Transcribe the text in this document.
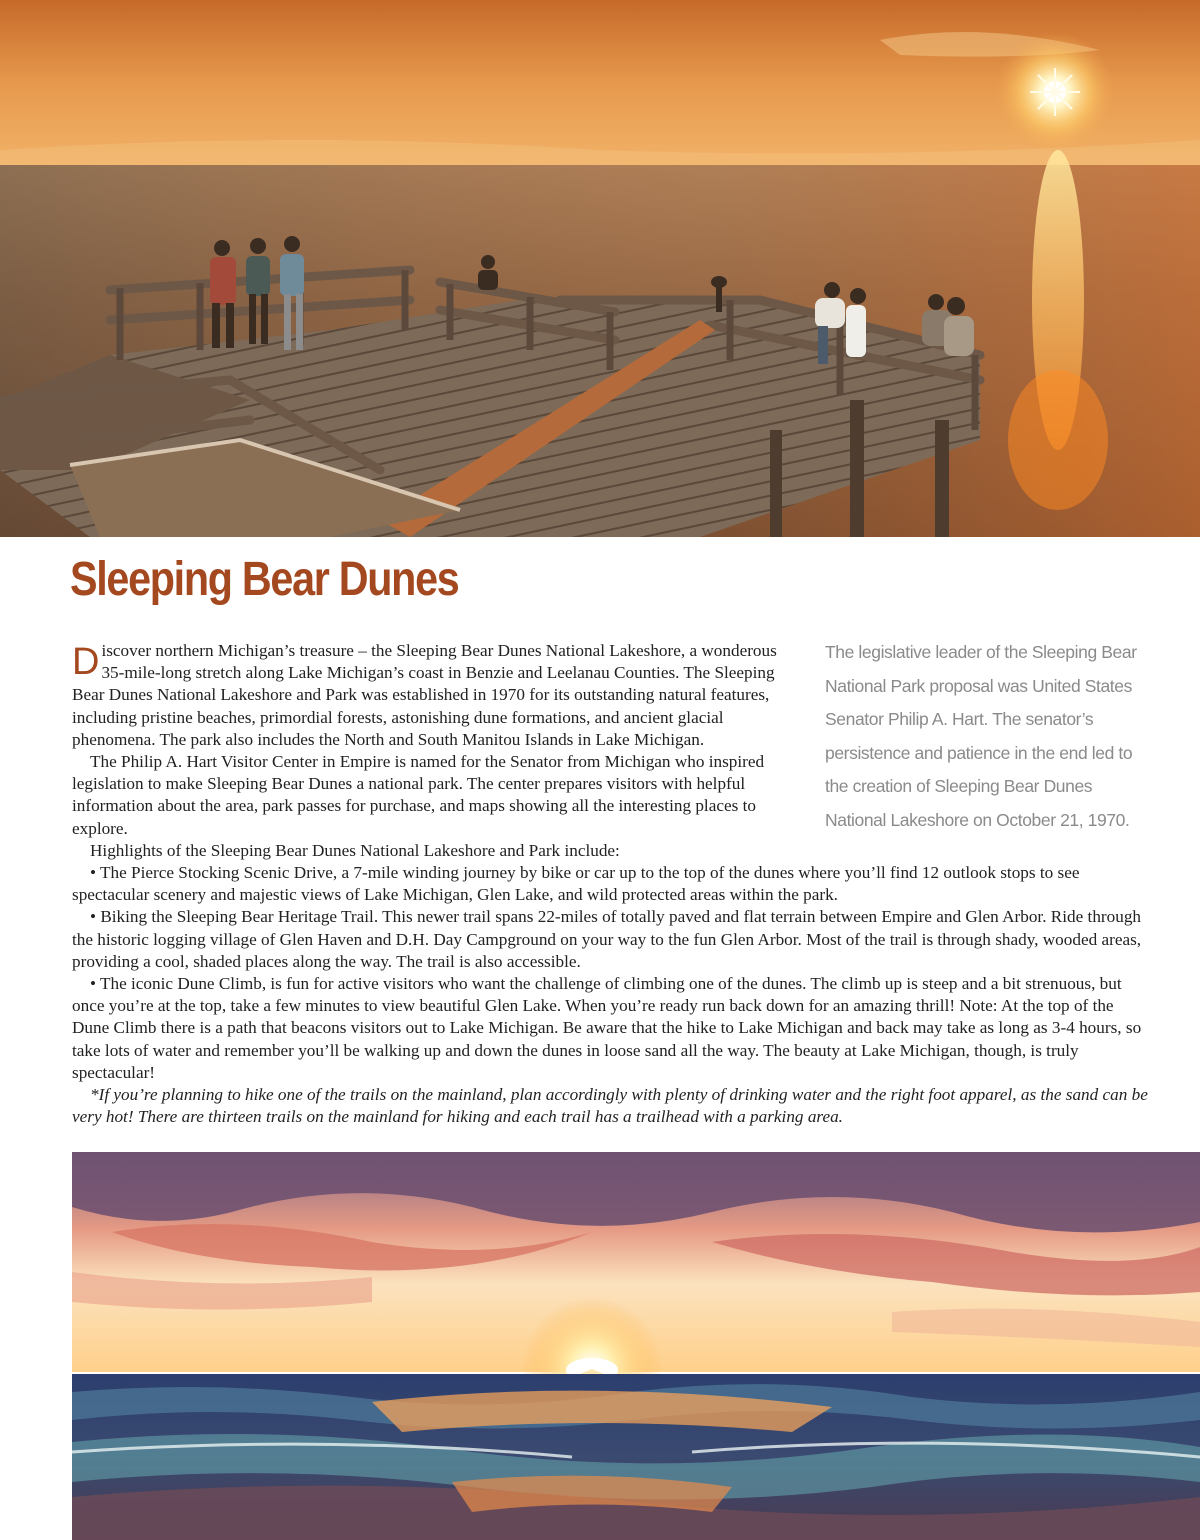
Sleeping Bear Dunes

The legislative leader of the Sleeping Bear National Park proposal was United States Senator Philip A. Hart. The senator’s persistence and patience in the end led to the creation of Sleeping Bear Dunes National Lakeshore on October 21, 1970.

Discover northern Michigan’s treasure – the Sleeping Bear Dunes National Lakeshore, a wonderous 35-mile-long stretch along Lake Michigan’s coast in Benzie and Leelanau Counties. The Sleeping Bear Dunes National Lakeshore and Park was established in 1970 for its outstanding natural features, including pristine beaches, primordial forests, astonishing dune formations, and ancient glacial phenomena. The park also includes the North and South Manitou Islands in Lake Michigan.

The Philip A. Hart Visitor Center in Empire is named for the Senator from Michigan who inspired legislation to make Sleeping Bear Dunes a national park. The center prepares visitors with helpful information about the area, park passes for purchase, and maps showing all the interesting places to explore.

Highlights of the Sleeping Bear Dunes National Lakeshore and Park include:

• The Pierce Stocking Scenic Drive, a 7-mile winding journey by bike or car up to the top of the dunes where you’ll find 12 outlook stops to see spectacular scenery and majestic views of Lake Michigan, Glen Lake, and wild protected areas within the park.

• Biking the Sleeping Bear Heritage Trail. This newer trail spans 22-miles of totally paved and flat terrain between Empire and Glen Arbor. Ride through the historic logging village of Glen Haven and D.H. Day Campground on your way to the fun Glen Arbor. Most of the trail is through shady, wooded areas, providing a cool, shaded places along the way. The trail is also accessible.

• The iconic Dune Climb, is fun for active visitors who want the challenge of climbing one of the dunes. The climb up is steep and a bit strenuous, but once you’re at the top, take a few minutes to view beautiful Glen Lake. When you’re ready run back down for an amazing thrill! Note: At the top of the Dune Climb there is a path that beacons visitors out to Lake Michigan. Be aware that the hike to Lake Michigan and back may take as long as 3-4 hours, so take lots of water and remember you’ll be walking up and down the dunes in loose sand all the way. The beauty at Lake Michigan, though, is truly spectacular!

*If you’re planning to hike one of the trails on the mainland, plan accordingly with plenty of drinking water and the right foot apparel, as the sand can be very hot! There are thirteen trails on the mainland for hiking and each trail has a trailhead with a parking area.
